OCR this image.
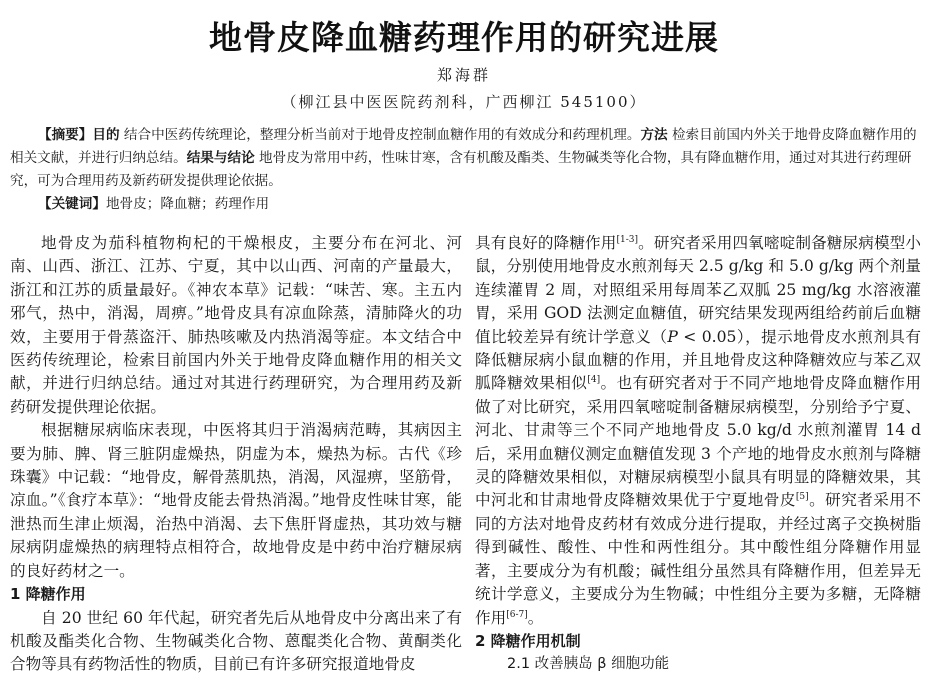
地骨皮降血糖药理作用的研究进展
郑海群
（柳江县中医医院药剂科，广西柳江 545100）

【摘要】目的 结合中医药传统理论，整理分析当前对于地骨皮控制血糖作用的有效成分和药理机理。方法 检索目前国内外关于地骨皮降血糖作用的相关文献，并进行归纳总结。结果与结论 地骨皮为常用中药，性味甘寒，含有机酸及酯类、生物碱类等化合物，具有降血糖作用，通过对其进行药理研究，可为合理用药及新药研发提供理论依据。

【关键词】地骨皮；降血糖；药理作用

地骨皮为茄科植物枸杞的干燥根皮，主要分布在河北、河南、山西、浙江、江苏、宁夏，其中以山西、河南的产量最大，浙江和江苏的质量最好。《神农本草》记载：“味苦、寒。主五内邪气，热中，消渴，周痹。”地骨皮具有凉血除蒸，清肺降火的功效，主要用于骨蒸盗汗、肺热咳嗽及内热消渴等症。本文结合中医药传统理论，检索目前国内外关于地骨皮降血糖作用的相关文献，并进行归纳总结。通过对其进行药理研究，为合理用药及新药研发提供理论依据。

根据糖尿病临床表现，中医将其归于消渴病范畴，其病因主要为肺、脾、肾三脏阴虚燥热，阴虚为本，燥热为标。古代《珍珠囊》中记载：“地骨皮，解骨蒸肌热，消渴，风湿痹，坚筋骨，凉血。”《食疗本草》：“地骨皮能去骨热消渴。”地骨皮性味甘寒，能泄热而生津止烦渴，治热中消渴、去下焦肝肾虚热，其功效与糖尿病阴虚燥热的病理特点相符合，故地骨皮是中药中治疗糖尿病的良好药材之一。

1 降糖作用

自 20 世纪 60 年代起，研究者先后从地骨皮中分离出来了有机酸及酯类化合物、生物碱类化合物、蒽醌类化合物、黄酮类化合物等具有药物活性的物质，目前已有许多研究报道地骨皮

具有良好的降糖作用[1-3]。研究者采用四氧嘧啶制备糖尿病模型小鼠，分别使用地骨皮水煎剂每天 2.5 g/kg 和 5.0 g/kg 两个剂量连续灌胃 2 周，对照组采用每周苯乙双胍 25 mg/kg 水溶液灌胃，采用 GOD 法测定血糖值，研究结果发现两组给药前后血糖值比较差异有统计学意义（P < 0.05），提示地骨皮水煎剂具有降低糖尿病小鼠血糖的作用，并且地骨皮这种降糖效应与苯乙双胍降糖效果相似[4]。也有研究者对于不同产地地骨皮降血糖作用做了对比研究，采用四氧嘧啶制备糖尿病模型，分别给予宁夏、河北、甘肃等三个不同产地地骨皮 5.0 kg/d 水煎剂灌胃 14 d 后，采用血糖仪测定血糖值发现 3 个产地的地骨皮水煎剂与降糖灵的降糖效果相似，对糖尿病模型小鼠具有明显的降糖效果，其中河北和甘肃地骨皮降糖效果优于宁夏地骨皮[5]。研究者采用不同的方法对地骨皮药材有效成分进行提取，并经过离子交换树脂得到碱性、酸性、中性和两性组分。其中酸性组分降糖作用显著，主要成分为有机酸；碱性组分虽然具有降糖作用，但差异无统计学意义，主要成分为生物碱；中性组分主要为多糖，无降糖作用[6-7]。

2 降糖作用机制
2.1 改善胰岛 β 细胞功能
